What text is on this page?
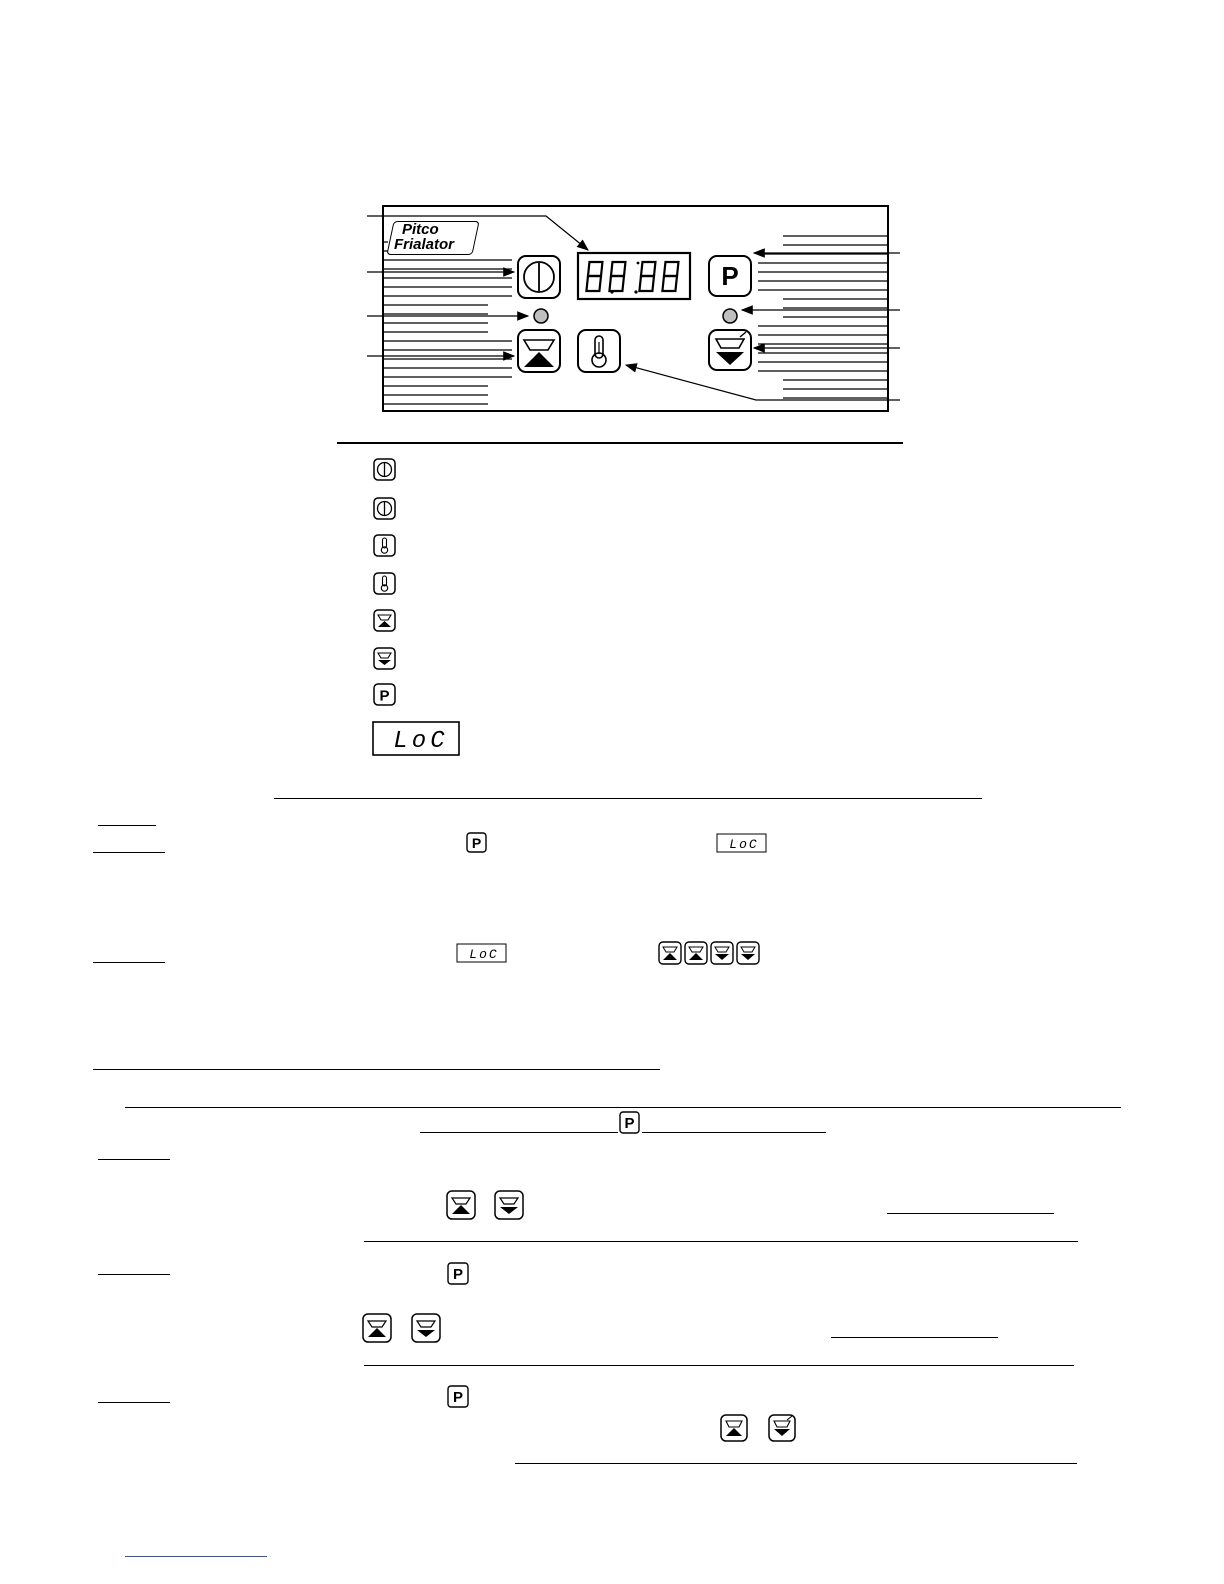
P
Pitco
Frialator
P
LoC
P	LoC
LoC
P
P
P
